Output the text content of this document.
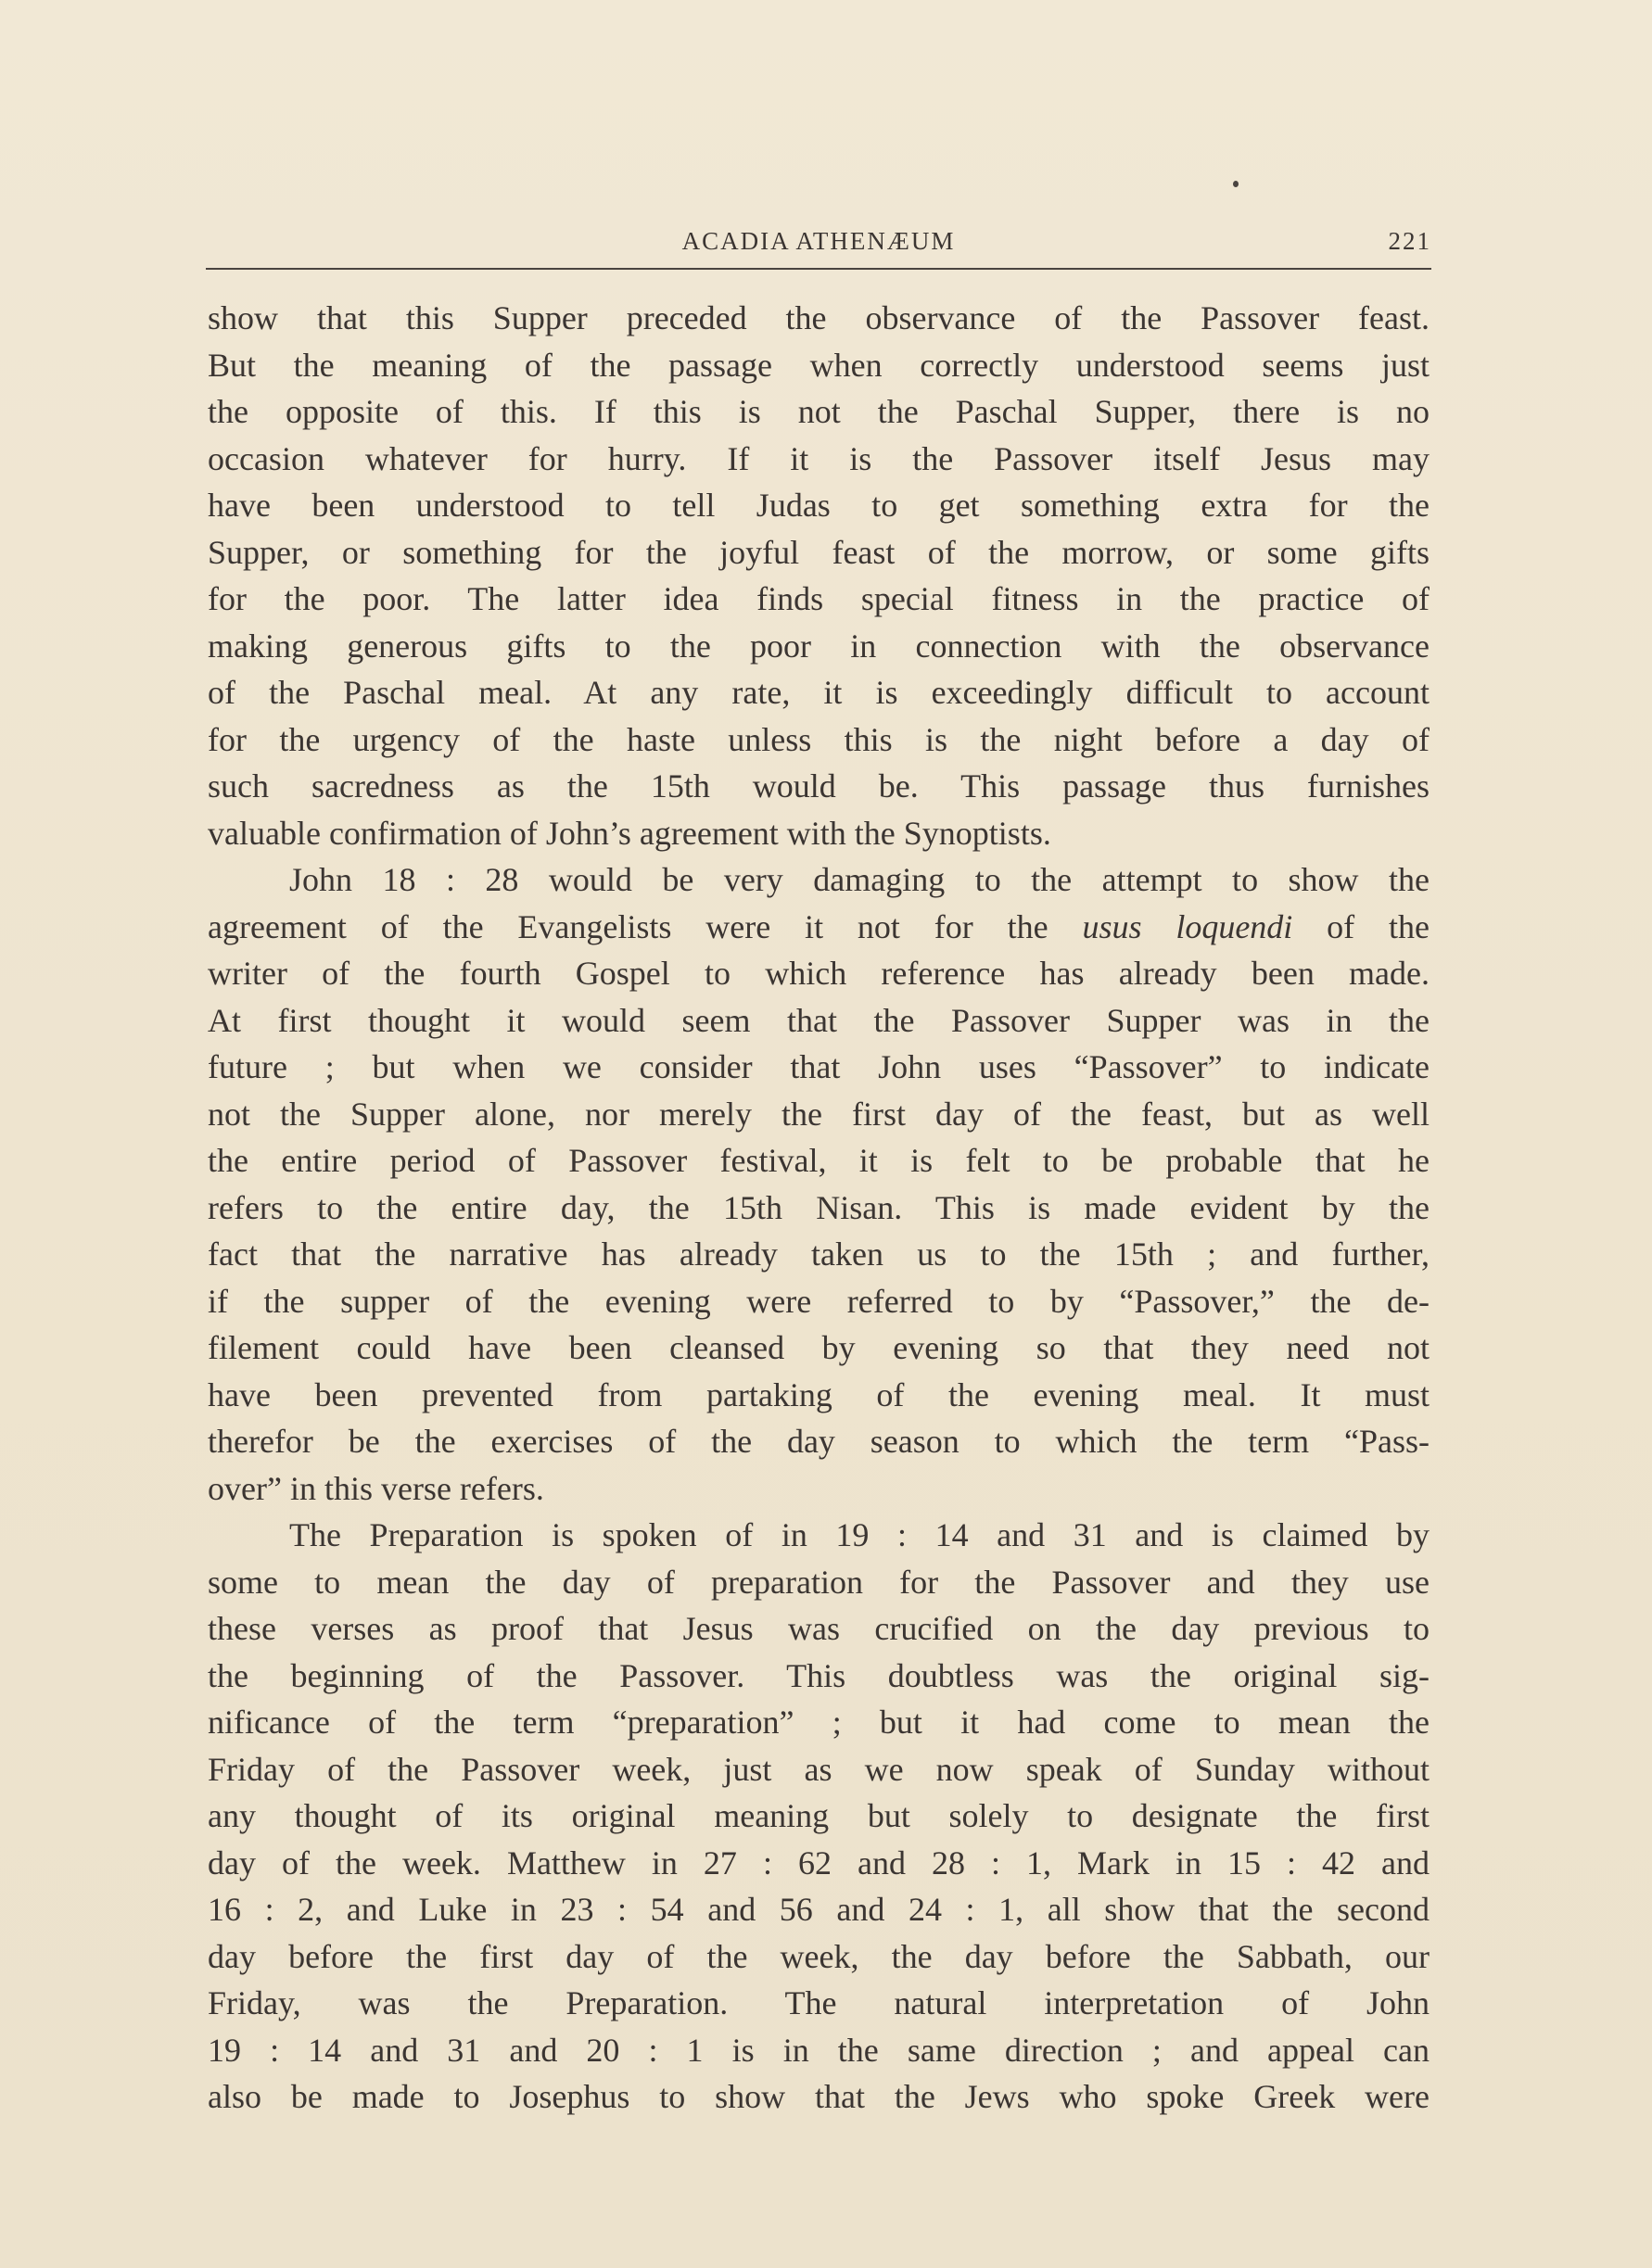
ACADIA ATHENÆUM	221
show that this Supper preceded the observance of the Passover feast.
But the meaning of the passage when correctly understood seems just
the opposite of this. If this is not the Paschal Supper, there is no
occasion whatever for hurry. If it is the Passover itself Jesus may
have been understood to tell Judas to get something extra for the
Supper, or something for the joyful feast of the morrow, or some gifts
for the poor. The latter idea finds special fitness in the practice of
making generous gifts to the poor in connection with the observance
of the Paschal meal. At any rate, it is exceedingly difficult to account
for the urgency of the haste unless this is the night before a day of
such sacredness as the 15th would be. This passage thus furnishes
valuable confirmation of John’s agreement with the Synoptists.
John 18 : 28 would be very damaging to the attempt to show the
agreement of the Evangelists were it not for the usus loquendi of the
writer of the fourth Gospel to which reference has already been made.
At first thought it would seem that the Passover Supper was in the
future ; but when we consider that John uses “Passover” to indicate
not the Supper alone, nor merely the first day of the feast, but as well
the entire period of Passover festival, it is felt to be probable that he
refers to the entire day, the 15th Nisan. This is made evident by the
fact that the narrative has already taken us to the 15th ; and further,
if the supper of the evening were referred to by “Passover,” the de-
filement could have been cleansed by evening so that they need not
have been prevented from partaking of the evening meal. It must
therefor be the exercises of the day season to which the term “Pass-
over” in this verse refers.
The Preparation is spoken of in 19 : 14 and 31 and is claimed by
some to mean the day of preparation for the Passover and they use
these verses as proof that Jesus was crucified on the day previous to
the beginning of the Passover. This doubtless was the original sig-
nificance of the term “preparation” ; but it had come to mean the
Friday of the Passover week, just as we now speak of Sunday without
any thought of its original meaning but solely to designate the first
day of the week. Matthew in 27 : 62 and 28 : 1, Mark in 15 : 42 and
16 : 2, and Luke in 23 : 54 and 56 and 24 : 1, all show that the second
day before the first day of the week, the day before the Sabbath, our
Friday, was the Preparation. The natural interpretation of John
19 : 14 and 31 and 20 : 1 is in the same direction ; and appeal can
also be made to Josephus to show that the Jews who spoke Greek were
